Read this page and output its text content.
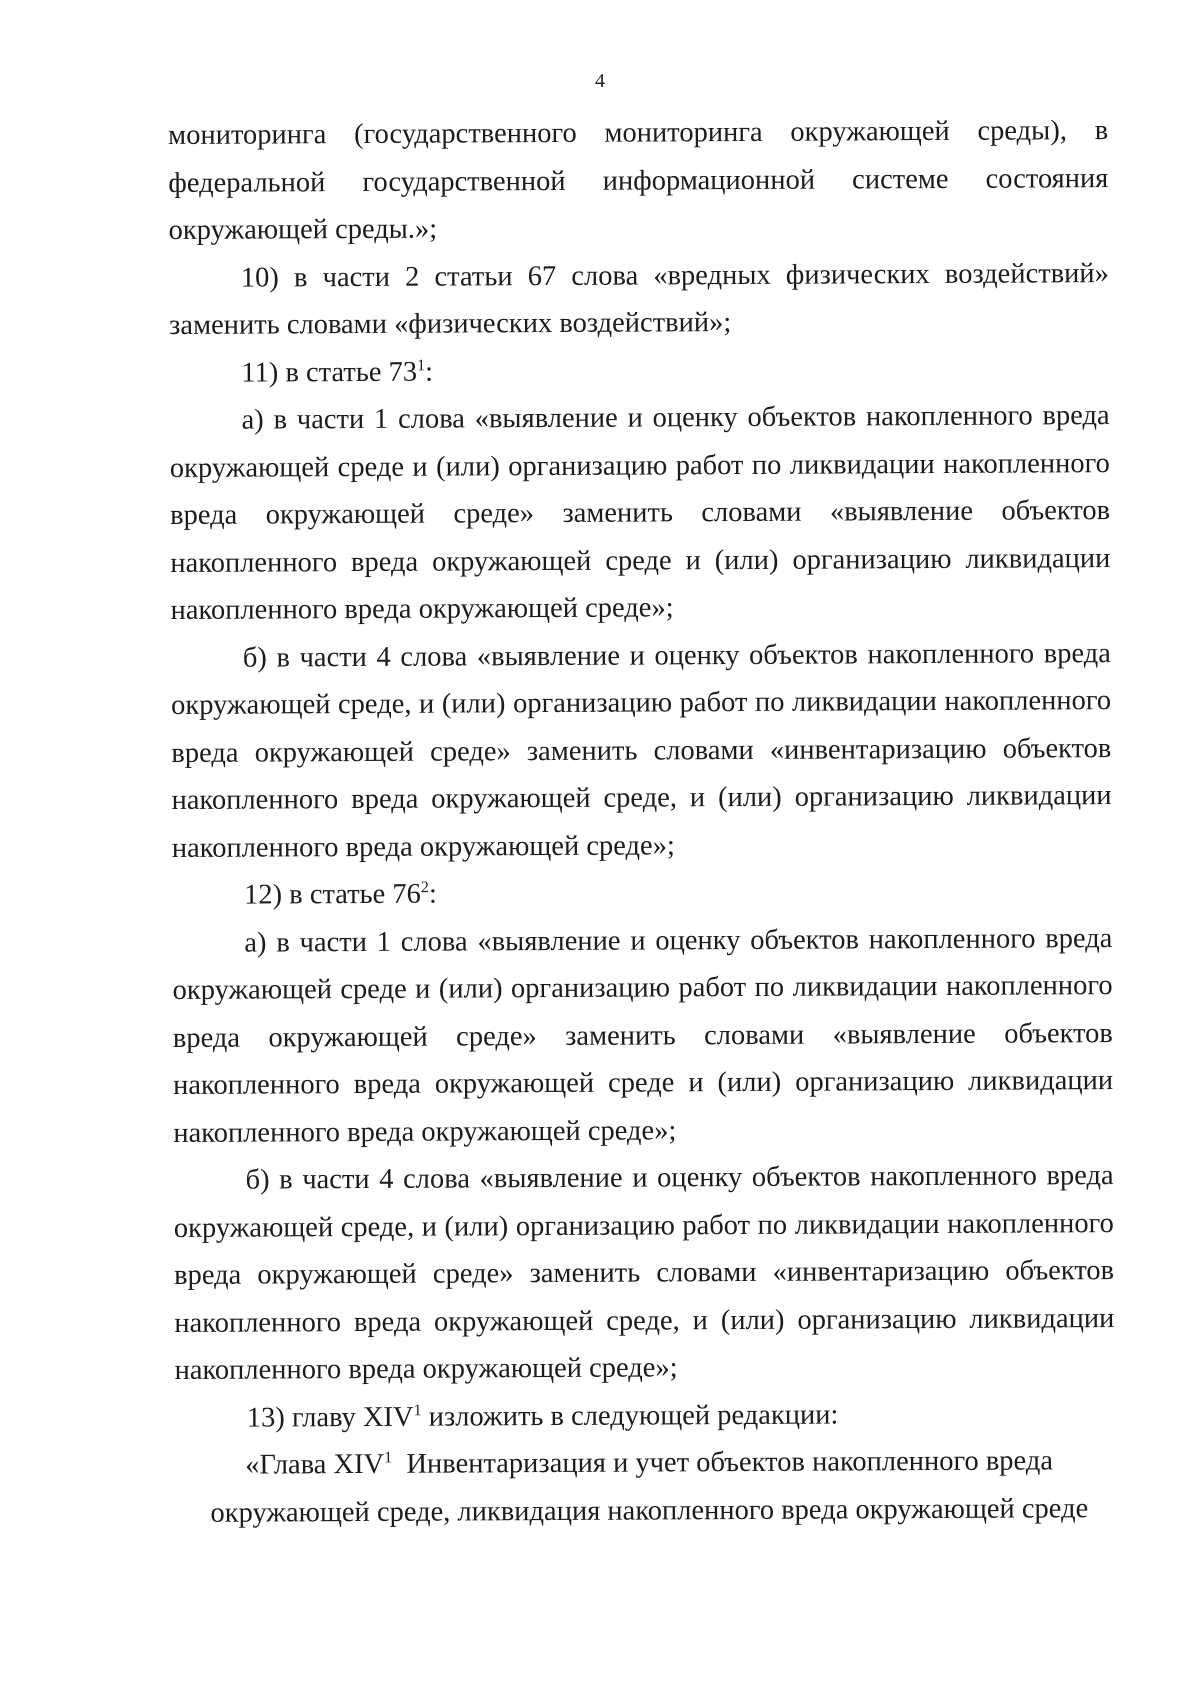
4

мониторинга (государственного мониторинга окружающей среды), в федеральной государственной информационной системе состояния окружающей среды.»;

10) в части 2 статьи 67 слова «вредных физических воздействий» заменить словами «физических воздействий»;

11) в статье $73^1$:

а) в части 1 слова «выявление и оценку объектов накопленного вреда окружающей среде и (или) организацию работ по ликвидации накопленного вреда окружающей среде» заменить словами «выявление объектов накопленного вреда окружающей среде и (или) организацию ликвидации накопленного вреда окружающей среде»;

б) в части 4 слова «выявление и оценку объектов накопленного вреда окружающей среде, и (или) организацию работ по ликвидации накопленного вреда окружающей среде» заменить словами «инвентаризацию объектов накопленного вреда окружающей среде, и (или) организацию ликвидации накопленного вреда окружающей среде»;

12) в статье $76^2$:

а) в части 1 слова «выявление и оценку объектов накопленного вреда окружающей среде и (или) организацию работ по ликвидации накопленного вреда окружающей среде» заменить словами «выявление объектов накопленного вреда окружающей среде и (или) организацию ликвидации накопленного вреда окружающей среде»;

б) в части 4 слова «выявление и оценку объектов накопленного вреда окружающей среде, и (или) организацию работ по ликвидации накопленного вреда окружающей среде» заменить словами «инвентаризацию объектов накопленного вреда окружающей среде, и (или) организацию ликвидации накопленного вреда окружающей среде»;

13) главу XIV$^1$ изложить в следующей редакции:

«Глава XIV$^1$  Инвентаризация и учет объектов накопленного вреда

окружающей среде, ликвидация накопленного вреда окружающей среде
